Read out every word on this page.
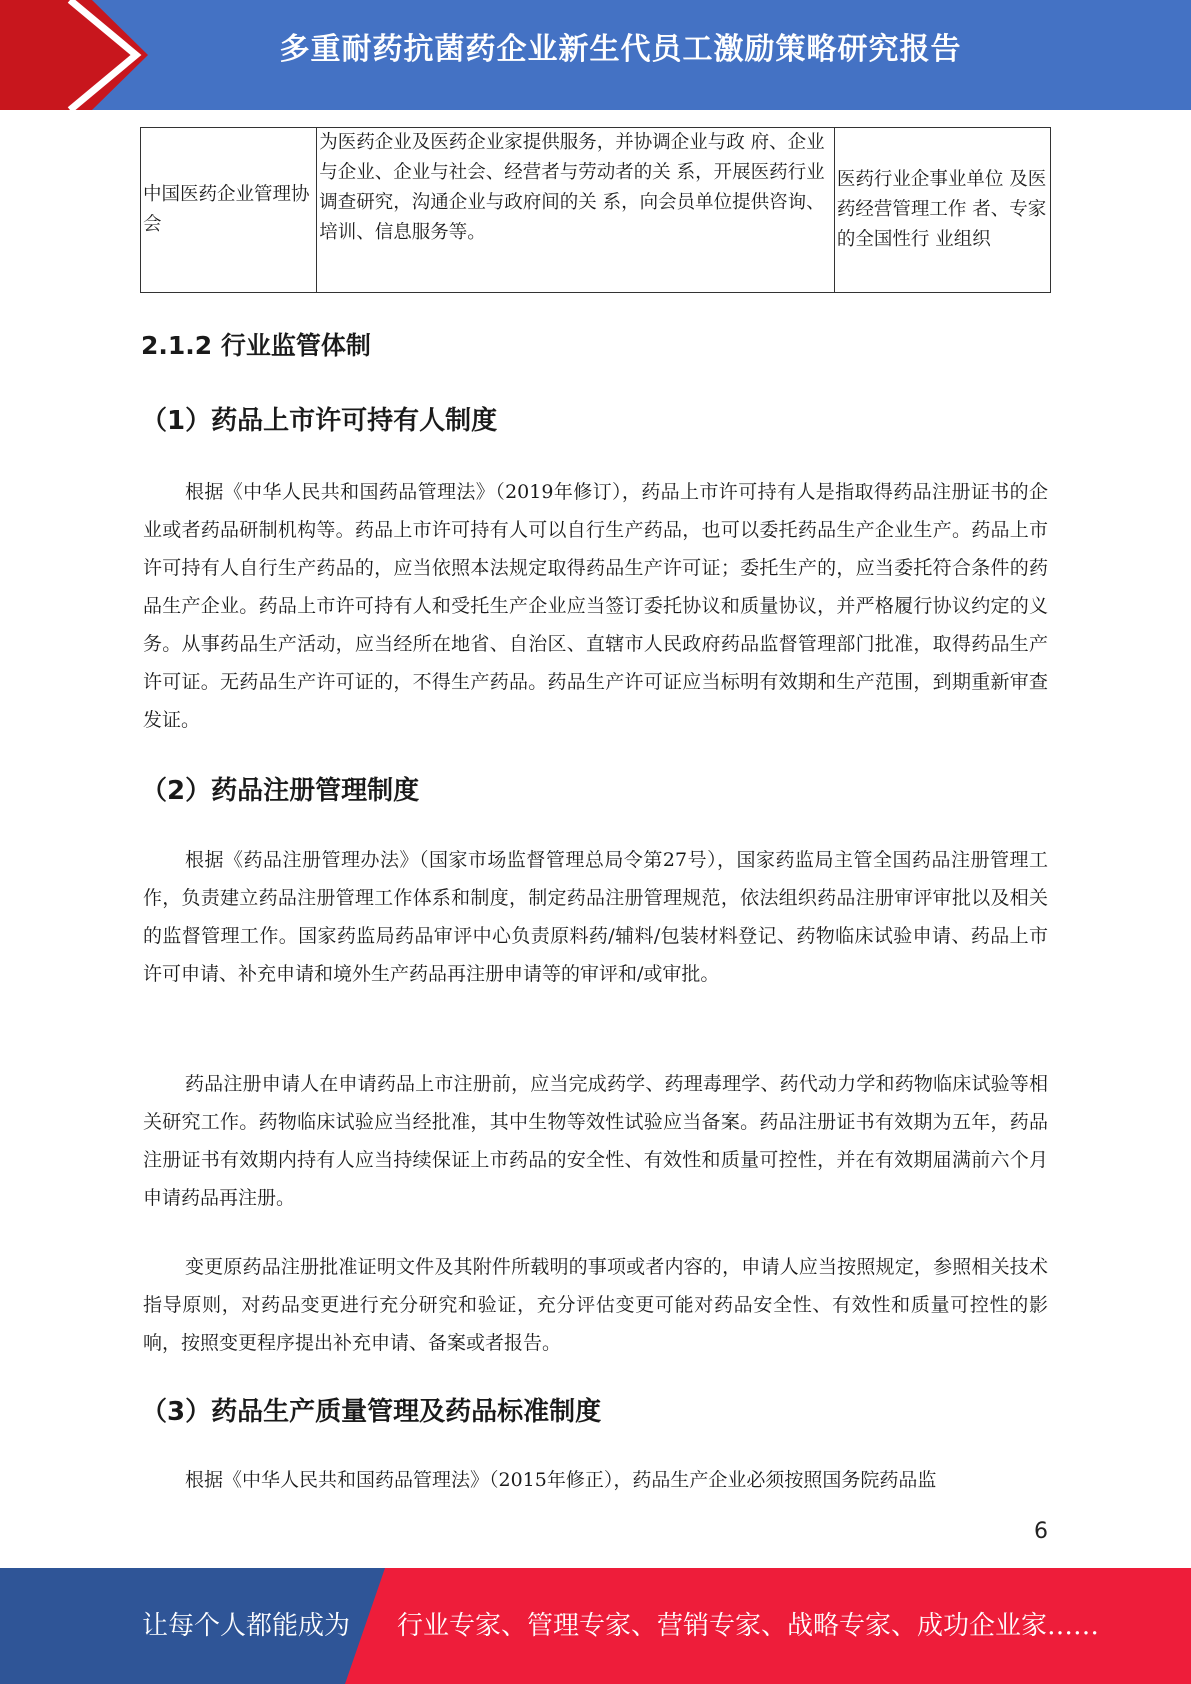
多重耐药抗菌药企业新生代员工激励策略研究报告
中国医药企业管理协会	为医药企业及医药企业家提供服务，并协调企业与政 府、企业与企业、企业与社会、经营者与劳动者的关 系，开展医药行业调查研究，沟通企业与政府间的关 系，向会员单位提供咨询、培训、信息服务等。	医药行业企事业单位 及医药经营管理工作 者、专家的全国性行 业组织
2.1.2 行业监管体制
（1）药品上市许可持有人制度

根据《中华人民共和国药品管理法》（2019年修订），药品上市许可持有人是指取得药品注册证书的企业或者药品研制机构等。药品上市许可持有人可以自行生产药品，也可以委托药品生产企业生产。药品上市许可持有人自行生产药品的，应当依照本法规定取得药品生产许可证；委托生产的，应当委托符合条件的药品生产企业。药品上市许可持有人和受托生产企业应当签订委托协议和质量协议，并严格履行协议约定的义务。从事药品生产活动，应当经所在地省、自治区、直辖市人民政府药品监督管理部门批准，取得药品生产许可证。无药品生产许可证的，不得生产药品。药品生产许可证应当标明有效期和生产范围，到期重新审查发证。

（2）药品注册管理制度

根据《药品注册管理办法》（国家市场监督管理总局令第27号），国家药监局主管全国药品注册管理工作，负责建立药品注册管理工作体系和制度，制定药品注册管理规范，依法组织药品注册审评审批以及相关的监督管理工作。国家药监局药品审评中心负责原料药/辅料/包装材料登记、药物临床试验申请、药品上市许可申请、补充申请和境外生产药品再注册申请等的审评和/或审批。

药品注册申请人在申请药品上市注册前，应当完成药学、药理毒理学、药代动力学和药物临床试验等相关研究工作。药物临床试验应当经批准，其中生物等效性试验应当备案。药品注册证书有效期为五年，药品注册证书有效期内持有人应当持续保证上市药品的安全性、有效性和质量可控性，并在有效期届满前六个月申请药品再注册。

变更原药品注册批准证明文件及其附件所载明的事项或者内容的，申请人应当按照规定，参照相关技术指导原则，对药品变更进行充分研究和验证，充分评估变更可能对药品安全性、有效性和质量可控性的影响，按照变更程序提出补充申请、备案或者报告。

（3）药品生产质量管理及药品标准制度

根据《中华人民共和国药品管理法》（2015年修正），药品生产企业必须按照国务院药品监

6
让每个人都能成为 行业专家、管理专家、营销专家、战略专家、成功企业家……
